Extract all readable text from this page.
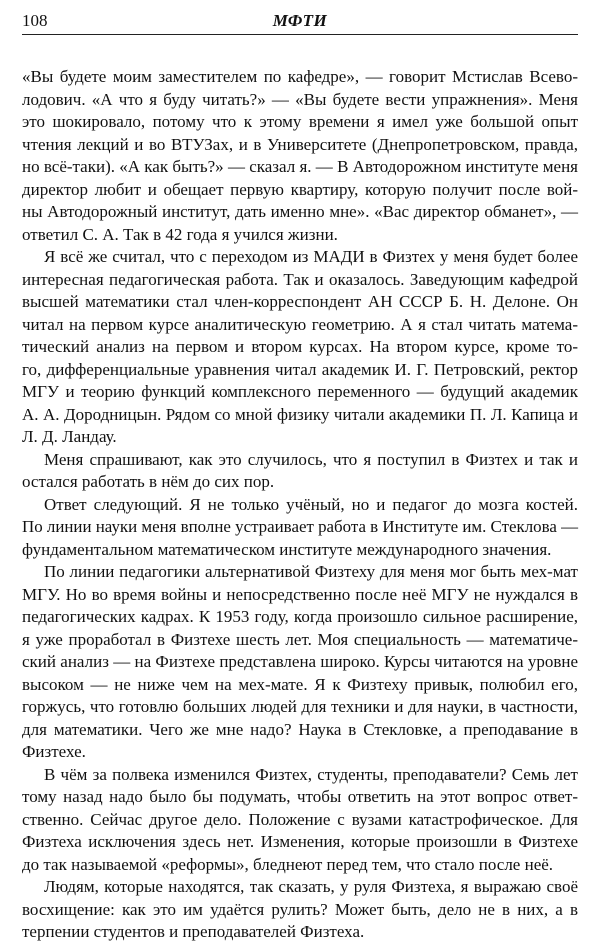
108	МФТИ
«Вы будете моим заместителем по кафедре», — говорит Мстислав Всево-
лодович. «А что я буду читать?» — «Вы будете вести упражнения». Меня
это шокировало, потому что к этому времени я имел уже большой опыт
чтения лекций и во ВТУЗах, и в Университете (Днепропетровском, правда,
но всё-таки). «А как быть?» — сказал я. — В Автодорожном институте меня
директор любит и обещает первую квартиру, которую получит после вой-
ны Автодорожный институт, дать именно мне». «Вас директор обманет», —
ответил С. А. Так в 42 года я учился жизни.
Я всё же считал, что с переходом из МАДИ в Физтех у меня будет более
интересная педагогическая работа. Так и оказалось. Заведующим кафедрой
высшей математики стал член-корреспондент АН СССР Б. Н. Делоне. Он
читал на первом курсе аналитическую геометрию. А я стал читать матема-
тический анализ на первом и втором курсах. На втором курсе, кроме то-
го, дифференциальные уравнения читал академик И. Г. Петровский, ректор
МГУ и теорию функций комплексного переменного — будущий академик
А. А. Дородницын. Рядом со мной физику читали академики П. Л. Капица и
Л. Д. Ландау.
Меня спрашивают, как это случилось, что я поступил в Физтех и так и
остался работать в нём до сих пор.
Ответ следующий. Я не только учёный, но и педагог до мозга костей.
По линии науки меня вполне устраивает работа в Институте им. Стеклова —
фундаментальном математическом институте международного значения.
По линии педагогики альтернативой Физтеху для меня мог быть мех-мат
МГУ. Но во время войны и непосредственно после неё МГУ не нуждался в
педагогических кадрах. К 1953 году, когда произошло сильное расширение,
я уже проработал в Физтехе шесть лет. Моя специальность — математиче-
ский анализ — на Физтехе представлена широко. Курсы читаются на уровне
высоком — не ниже чем на мех-мате. Я к Физтеху привык, полюбил его,
горжусь, что готовлю больших людей для техники и для науки, в частности,
для математики. Чего же мне надо? Наука в Стекловке, а преподавание в
Физтехе.
В чём за полвека изменился Физтех, студенты, преподаватели? Семь лет
тому назад надо было бы подумать, чтобы ответить на этот вопрос ответ-
ственно. Сейчас другое дело. Положение с вузами катастрофическое. Для
Физтеха исключения здесь нет. Изменения, которые произошли в Физтехе
до так называемой «реформы», бледнеют перед тем, что стало после неё.
Людям, которые находятся, так сказать, у руля Физтеха, я выражаю своё
восхищение: как это им удаётся рулить? Может быть, дело не в них, а в
терпении студентов и преподавателей Физтеха.
